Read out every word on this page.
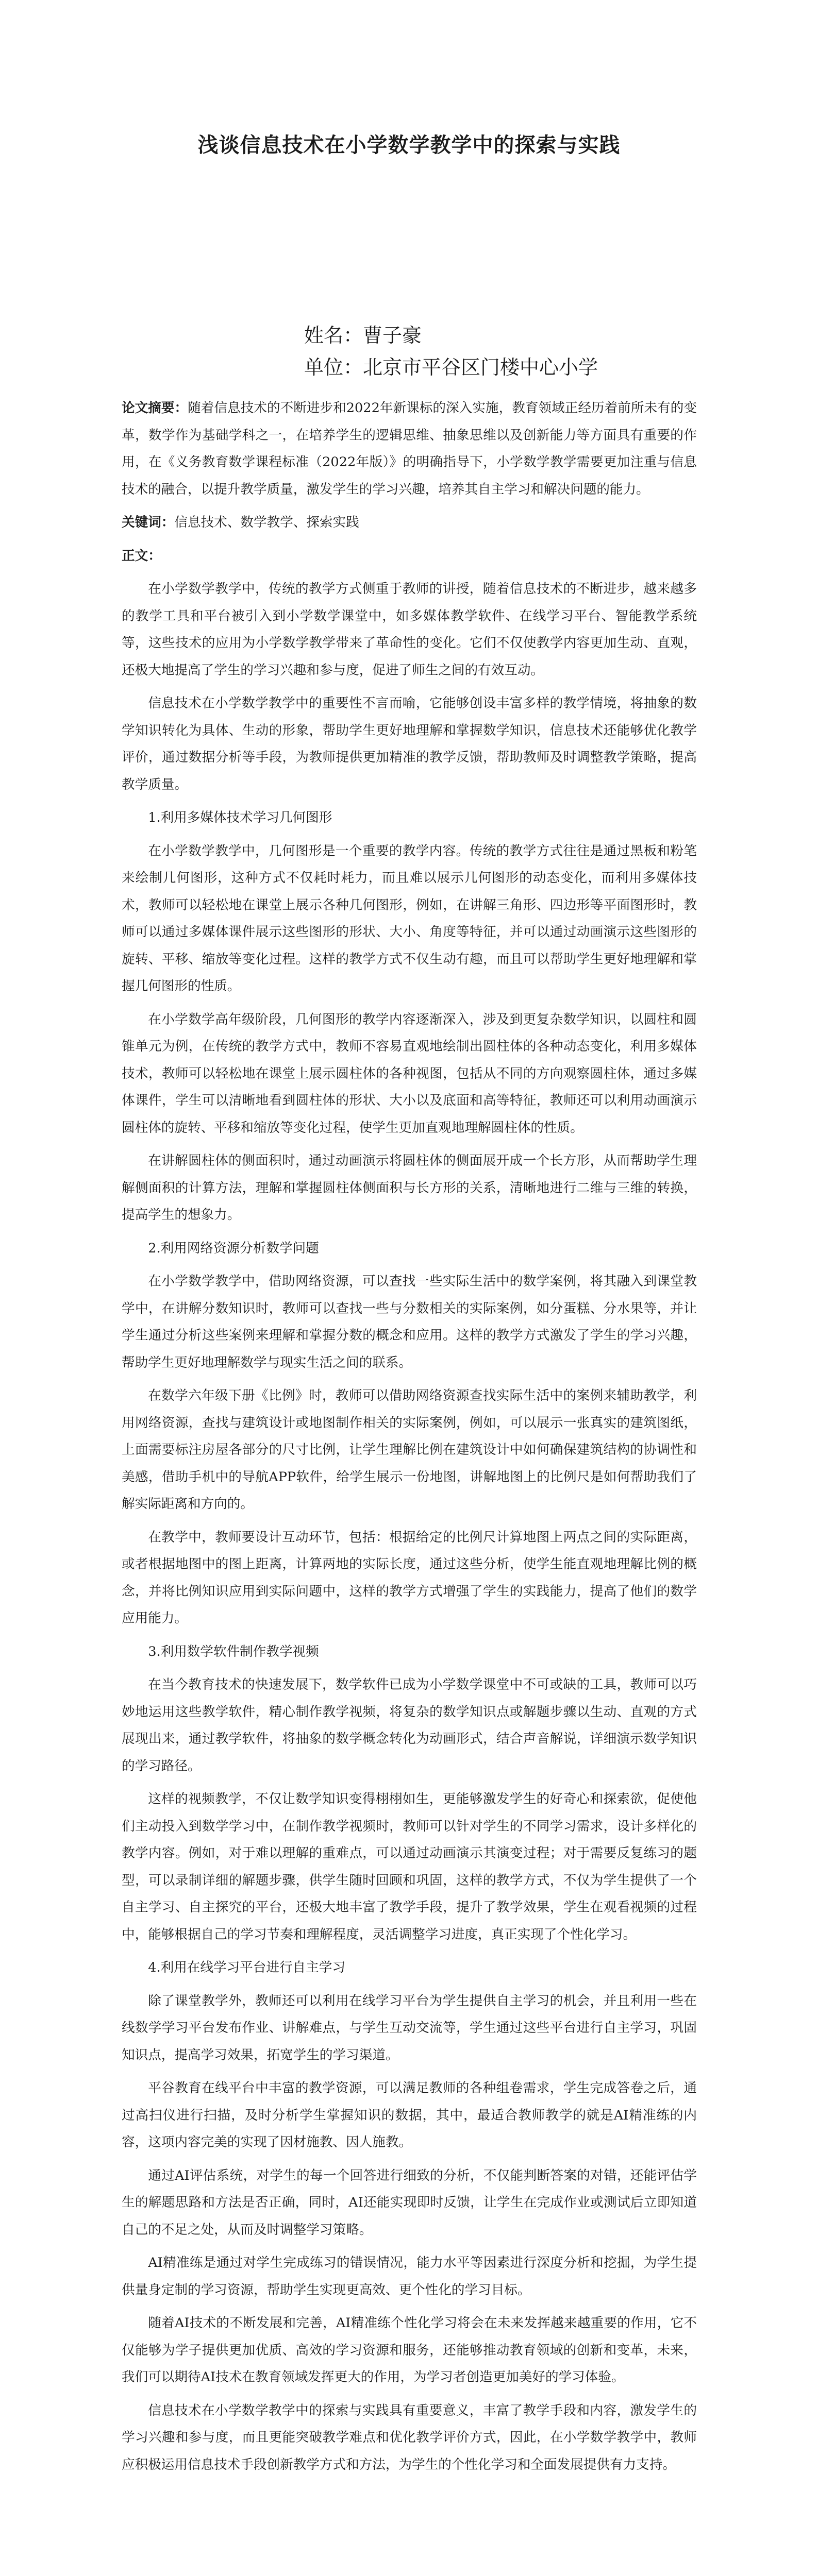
浅谈信息技术在小学数学教学中的探索与实践
姓名：曹子豪
单位：北京市平谷区门楼中心小学

论文摘要：随着信息技术的不断进步和2022年新课标的深入实施，教育领域正经历着前所未有的变革，数学作为基础学科之一，在培养学生的逻辑思维、抽象思维以及创新能力等方面具有重要的作用，在《义务教育数学课程标准（2022年版）》的明确指导下，小学数学教学需要更加注重与信息技术的融合，以提升教学质量，激发学生的学习兴趣，培养其自主学习和解决问题的能力。

关键词：信息技术、数学教学、探索实践

正文：

在小学数学教学中，传统的教学方式侧重于教师的讲授，随着信息技术的不断进步，越来越多的教学工具和平台被引入到小学数学课堂中，如多媒体教学软件、在线学习平台、智能教学系统等，这些技术的应用为小学数学教学带来了革命性的变化。它们不仅使教学内容更加生动、直观，还极大地提高了学生的学习兴趣和参与度，促进了师生之间的有效互动。

信息技术在小学数学教学中的重要性不言而喻，它能够创设丰富多样的教学情境，将抽象的数学知识转化为具体、生动的形象，帮助学生更好地理解和掌握数学知识，信息技术还能够优化教学评价，通过数据分析等手段，为教师提供更加精准的教学反馈，帮助教师及时调整教学策略，提高教学质量。

1.利用多媒体技术学习几何图形

在小学数学教学中，几何图形是一个重要的教学内容。传统的教学方式往往是通过黑板和粉笔来绘制几何图形，这种方式不仅耗时耗力，而且难以展示几何图形的动态变化，而利用多媒体技术，教师可以轻松地在课堂上展示各种几何图形，例如，在讲解三角形、四边形等平面图形时，教师可以通过多媒体课件展示这些图形的形状、大小、角度等特征，并可以通过动画演示这些图形的旋转、平移、缩放等变化过程。这样的教学方式不仅生动有趣，而且可以帮助学生更好地理解和掌握几何图形的性质。

在小学数学高年级阶段，几何图形的教学内容逐渐深入，涉及到更复杂数学知识，以圆柱和圆锥单元为例，在传统的教学方式中，教师不容易直观地绘制出圆柱体的各种动态变化，利用多媒体技术，教师可以轻松地在课堂上展示圆柱体的各种视图，包括从不同的方向观察圆柱体，通过多媒体课件，学生可以清晰地看到圆柱体的形状、大小以及底面和高等特征，教师还可以利用动画演示圆柱体的旋转、平移和缩放等变化过程，使学生更加直观地理解圆柱体的性质。

在讲解圆柱体的侧面积时，通过动画演示将圆柱体的侧面展开成一个长方形，从而帮助学生理解侧面积的计算方法，理解和掌握圆柱体侧面积与长方形的关系，清晰地进行二维与三维的转换，提高学生的想象力。

2.利用网络资源分析数学问题

在小学数学教学中，借助网络资源，可以查找一些实际生活中的数学案例，将其融入到课堂教学中，在讲解分数知识时，教师可以查找一些与分数相关的实际案例，如分蛋糕、分水果等，并让学生通过分析这些案例来理解和掌握分数的概念和应用。这样的教学方式激发了学生的学习兴趣，帮助学生更好地理解数学与现实生活之间的联系。

在数学六年级下册《比例》时，教师可以借助网络资源查找实际生活中的案例来辅助教学，利用网络资源，查找与建筑设计或地图制作相关的实际案例，例如，可以展示一张真实的建筑图纸，上面需要标注房屋各部分的尺寸比例，让学生理解比例在建筑设计中如何确保建筑结构的协调性和美感，借助手机中的导航APP软件，给学生展示一份地图，讲解地图上的比例尺是如何帮助我们了解实际距离和方向的。

在教学中，教师要设计互动环节，包括：根据给定的比例尺计算地图上两点之间的实际距离，或者根据地图中的图上距离，计算两地的实际长度，通过这些分析，使学生能直观地理解比例的概念，并将比例知识应用到实际问题中，这样的教学方式增强了学生的实践能力，提高了他们的数学应用能力。

3.利用数学软件制作教学视频

在当今教育技术的快速发展下，数学软件已成为小学数学课堂中不可或缺的工具，教师可以巧妙地运用这些教学软件，精心制作教学视频，将复杂的数学知识点或解题步骤以生动、直观的方式展现出来，通过教学软件，将抽象的数学概念转化为动画形式，结合声音解说，详细演示数学知识的学习路径。

这样的视频教学，不仅让数学知识变得栩栩如生，更能够激发学生的好奇心和探索欲，促使他们主动投入到数学学习中，在制作教学视频时，教师可以针对学生的不同学习需求，设计多样化的教学内容。例如，对于难以理解的重难点，可以通过动画演示其演变过程；对于需要反复练习的题型，可以录制详细的解题步骤，供学生随时回顾和巩固，这样的教学方式，不仅为学生提供了一个自主学习、自主探究的平台，还极大地丰富了教学手段，提升了教学效果，学生在观看视频的过程中，能够根据自己的学习节奏和理解程度，灵活调整学习进度，真正实现了个性化学习。

4.利用在线学习平台进行自主学习

除了课堂教学外，教师还可以利用在线学习平台为学生提供自主学习的机会，并且利用一些在线数学学习平台发布作业、讲解难点，与学生互动交流等，学生通过这些平台进行自主学习，巩固知识点，提高学习效果，拓宽学生的学习渠道。

平谷教育在线平台中丰富的教学资源，可以满足教师的各种组卷需求，学生完成答卷之后，通过高扫仪进行扫描，及时分析学生掌握知识的数据，其中，最适合教师教学的就是AI精准练的内容，这项内容完美的实现了因材施教、因人施教。

通过AI评估系统，对学生的每一个回答进行细致的分析，不仅能判断答案的对错，还能评估学生的解题思路和方法是否正确，同时，AI还能实现即时反馈，让学生在完成作业或测试后立即知道自己的不足之处，从而及时调整学习策略。

AI精准练是通过对学生完成练习的错误情况，能力水平等因素进行深度分析和挖掘，为学生提供量身定制的学习资源，帮助学生实现更高效、更个性化的学习目标。

随着AI技术的不断发展和完善，AI精准练个性化学习将会在未来发挥越来越重要的作用，它不仅能够为学子提供更加优质、高效的学习资源和服务，还能够推动教育领域的创新和变革，未来，我们可以期待AI技术在教育领域发挥更大的作用，为学习者创造更加美好的学习体验。

信息技术在小学数学教学中的探索与实践具有重要意义，丰富了教学手段和内容，激发学生的学习兴趣和参与度，而且更能突破教学难点和优化教学评价方式，因此，在小学数学教学中，教师应积极运用信息技术手段创新教学方式和方法，为学生的个性化学习和全面发展提供有力支持。
